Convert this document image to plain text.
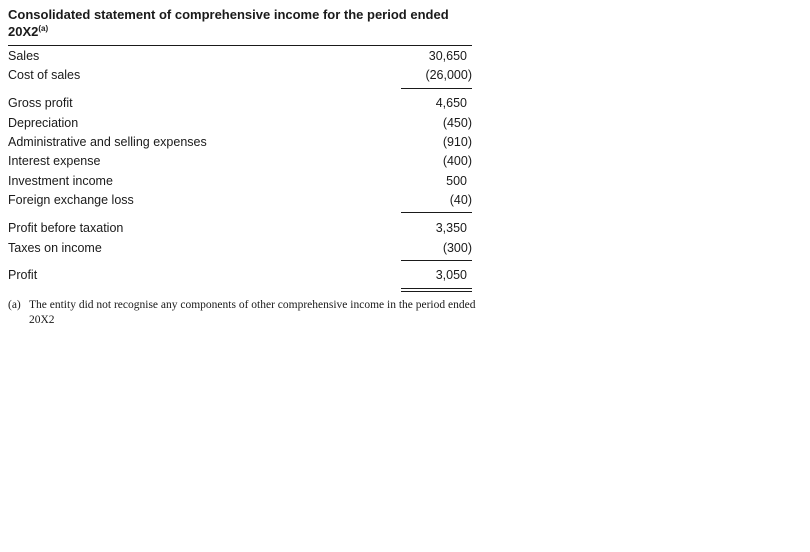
Consolidated statement of comprehensive income for the period ended 20X2$^{(a)}$
Sales	30,650
Cost of sales	(26,000)
Gross profit	4,650
Depreciation	(450)
Administrative and selling expenses	(910)
Interest expense	(400)
Investment income	500
Foreign exchange loss	(40)
Profit before taxation	3,350
Taxes on income	(300)
Profit	3,050
(a) The entity did not recognise any components of other comprehensive income in the period ended 20X2
